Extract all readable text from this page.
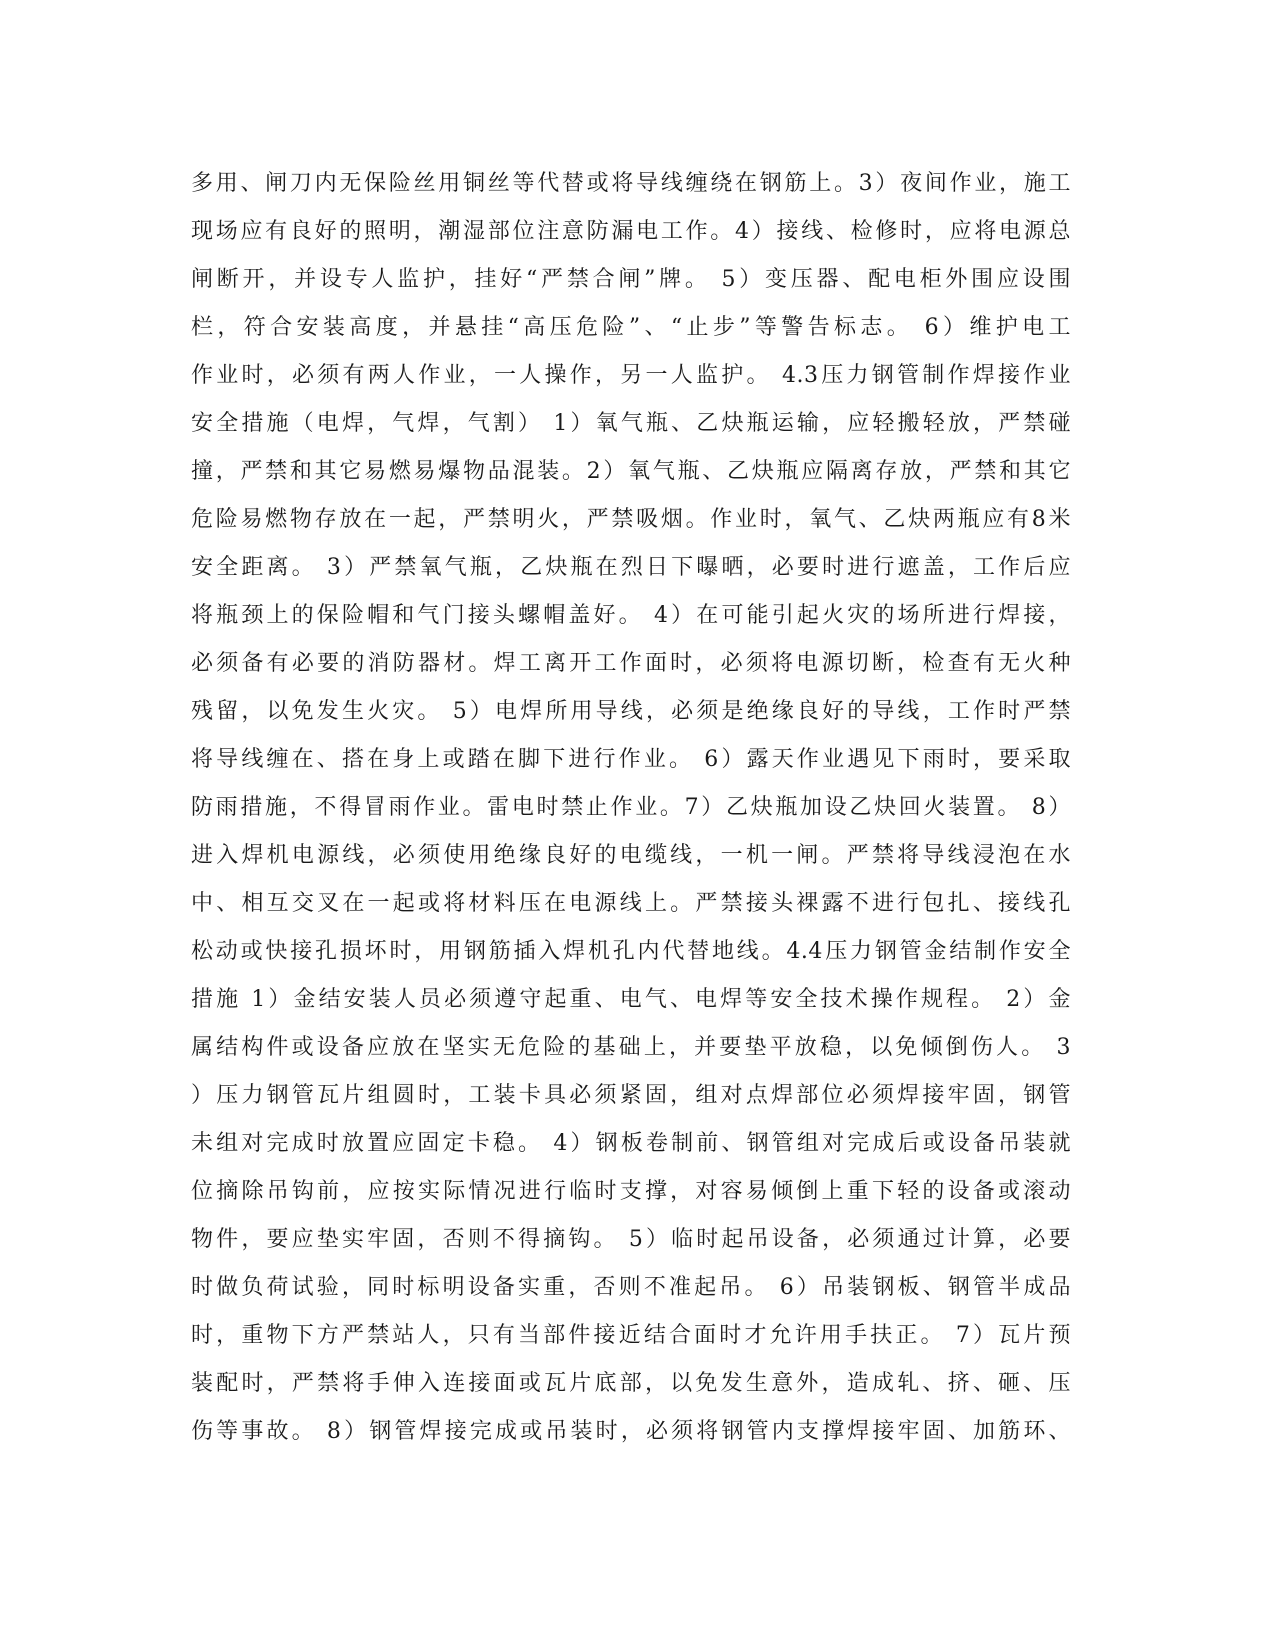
多用、闸刀内无保险丝用铜丝等代替或将导线缠绕在钢筋上。3）夜间作业，施工
现场应有良好的照明，潮湿部位注意防漏电工作。4）接线、检修时，应将电源总
闸断开，并设专人监护，挂好“严禁合闸”牌。 5）变压器、配电柜外围应设围
栏，符合安装高度，并悬挂“高压危险”、“止步”等警告标志。 6）维护电工
作业时，必须有两人作业，一人操作，另一人监护。 4.3压力钢管制作焊接作业
安全措施（电焊，气焊，气割） 1）氧气瓶、乙炔瓶运输，应轻搬轻放，严禁碰
撞，严禁和其它易燃易爆物品混装。2）氧气瓶、乙炔瓶应隔离存放，严禁和其它
危险易燃物存放在一起，严禁明火，严禁吸烟。作业时，氧气、乙炔两瓶应有8米
安全距离。 3）严禁氧气瓶，乙炔瓶在烈日下曝晒，必要时进行遮盖，工作后应
将瓶颈上的保险帽和气门接头螺帽盖好。 4）在可能引起火灾的场所进行焊接，
必须备有必要的消防器材。焊工离开工作面时，必须将电源切断，检查有无火种
残留，以免发生火灾。 5）电焊所用导线，必须是绝缘良好的导线，工作时严禁
将导线缠在、搭在身上或踏在脚下进行作业。 6）露天作业遇见下雨时，要采取
防雨措施，不得冒雨作业。雷电时禁止作业。7）乙炔瓶加设乙炔回火装置。 8）
进入焊机电源线，必须使用绝缘良好的电缆线，一机一闸。严禁将导线浸泡在水
中、相互交叉在一起或将材料压在电源线上。严禁接头裸露不进行包扎、接线孔
松动或快接孔损坏时，用钢筋插入焊机孔内代替地线。4.4压力钢管金结制作安全
措施 1）金结安装人员必须遵守起重、电气、电焊等安全技术操作规程。 2）金
属结构件或设备应放在坚实无危险的基础上，并要垫平放稳，以免倾倒伤人。 3
）压力钢管瓦片组圆时，工装卡具必须紧固，组对点焊部位必须焊接牢固，钢管
未组对完成时放置应固定卡稳。 4）钢板卷制前、钢管组对完成后或设备吊装就
位摘除吊钩前，应按实际情况进行临时支撑，对容易倾倒上重下轻的设备或滚动
物件，要应垫实牢固，否则不得摘钩。 5）临时起吊设备，必须通过计算，必要
时做负荷试验，同时标明设备实重，否则不准起吊。 6）吊装钢板、钢管半成品
时，重物下方严禁站人，只有当部件接近结合面时才允许用手扶正。 7）瓦片预
装配时，严禁将手伸入连接面或瓦片底部，以免发生意外，造成轧、挤、砸、压
伤等事故。 8）钢管焊接完成或吊装时，必须将钢管内支撑焊接牢固、加筋环、
